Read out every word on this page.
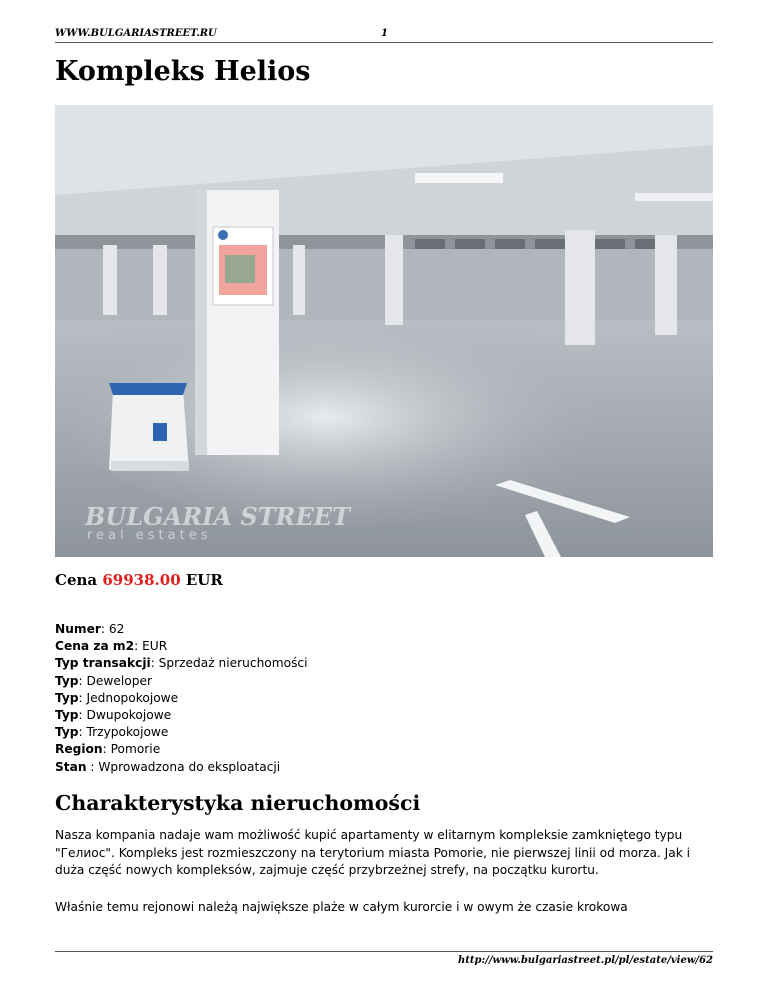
WWW.BULGARIASTREET.RU	1
Kompleks Helios
BULGARIA STREET
real estates
Cena 69938.00 EUR
Numer: 62
Cena za m2: EUR
Typ transakcji: Sprzedaż nieruchomości
Typ: Deweloper
Typ: Jednopokojowe
Typ: Dwupokojowe
Typ: Trzypokojowe
Region: Pomorie
Stan : Wprowadzona do eksploatacji
Charakterystyka nieruchomości

Nasza kompania nadaje wam możliwość kupić apartamenty w elitarnym kompleksie zamkniętego typu "Гелиос". Kompleks jest rozmieszczony na terytorium miasta Pomorie, nie pierwszej linii od morza. Jak i duża część nowych kompleksów, zajmuje część przybrzeżnej strefy, na początku kurortu.

Właśnie temu rejonowi należą największe plaże w całym kurorcie i w owym że czasie krokowa

http://www.bulgariastreet.pl/pl/estate/view/62
